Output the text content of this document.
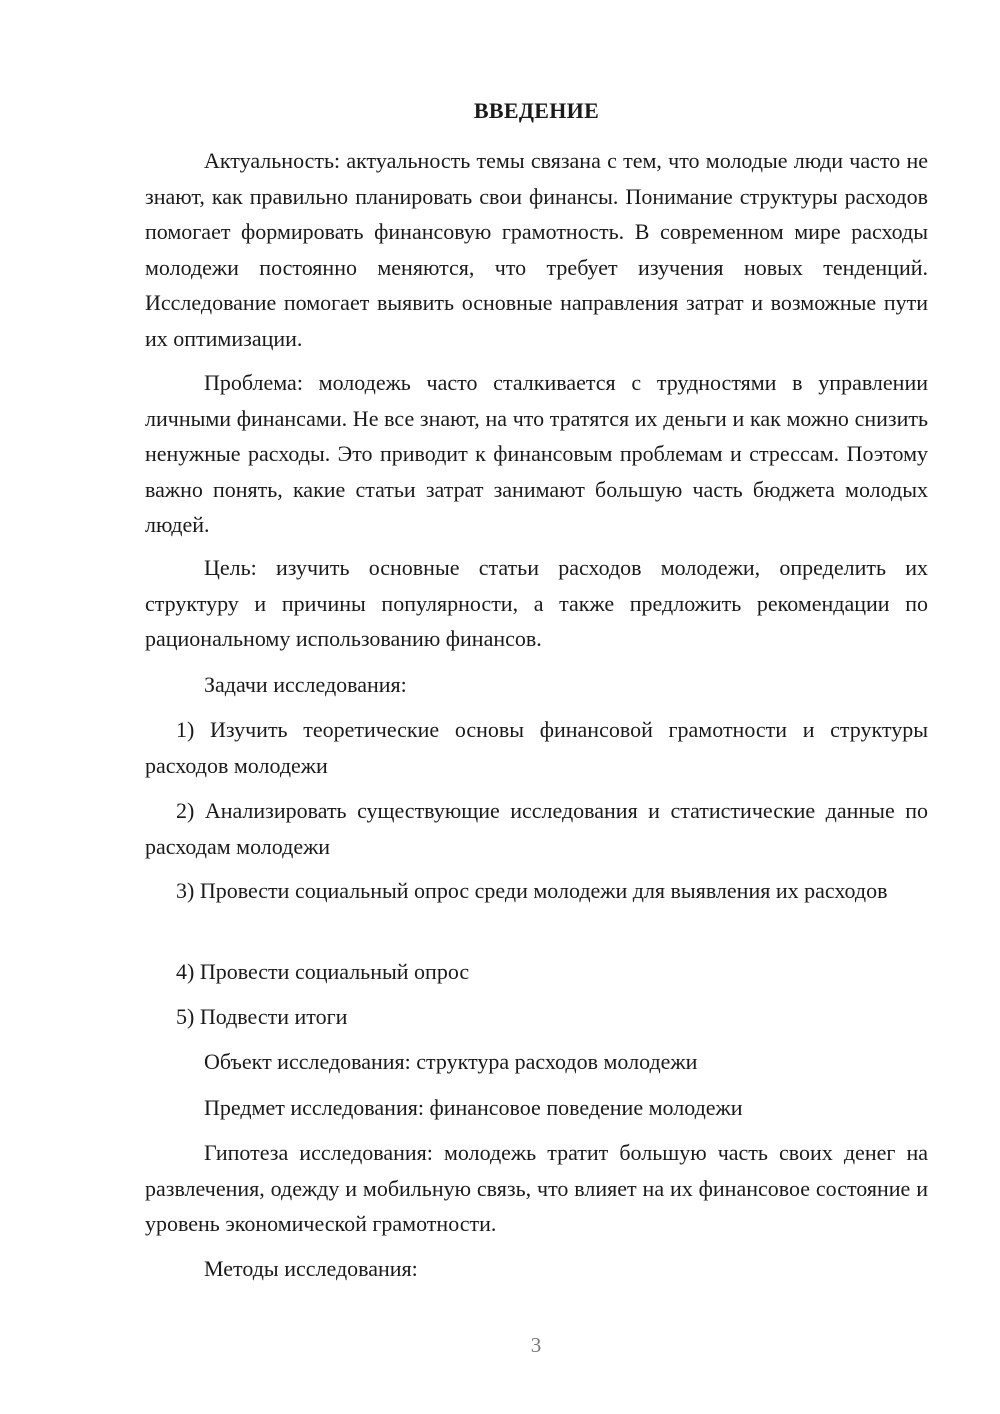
ВВЕДЕНИЕ

Актуальность: актуальность темы связана с тем, что молодые люди часто не знают, как правильно планировать свои финансы. Понимание структуры расходов помогает формировать финансовую грамотность. В современном мире расходы молодежи постоянно меняются, что требует изучения новых тенденций. Исследование помогает выявить основные направления затрат и возможные пути их оптимизации.

Проблема: молодежь часто сталкивается с трудностями в управлении личными финансами. Не все знают, на что тратятся их деньги и как можно снизить ненужные расходы. Это приводит к финансовым проблемам и стрессам. Поэтому важно понять, какие статьи затрат занимают большую часть бюджета молодых людей.

Цель: изучить основные статьи расходов молодежи, определить их структуру и причины популярности, а также предложить рекомендации по рациональному использованию финансов.

Задачи исследования:

1) Изучить теоретические основы финансовой грамотности и структуры расходов молодежи

2) Анализировать существующие исследования и статистические данные по расходам молодежи

3) Провести социальный опрос среди молодежи для выявления их расходов

4) Провести социальный опрос

5) Подвести итоги

Объект исследования: структура расходов молодежи

Предмет исследования: финансовое поведение молодежи

Гипотеза исследования: молодежь тратит большую часть своих денег на развлечения, одежду и мобильную связь, что влияет на их финансовое состояние и уровень экономической грамотности.

Методы исследования:

3
